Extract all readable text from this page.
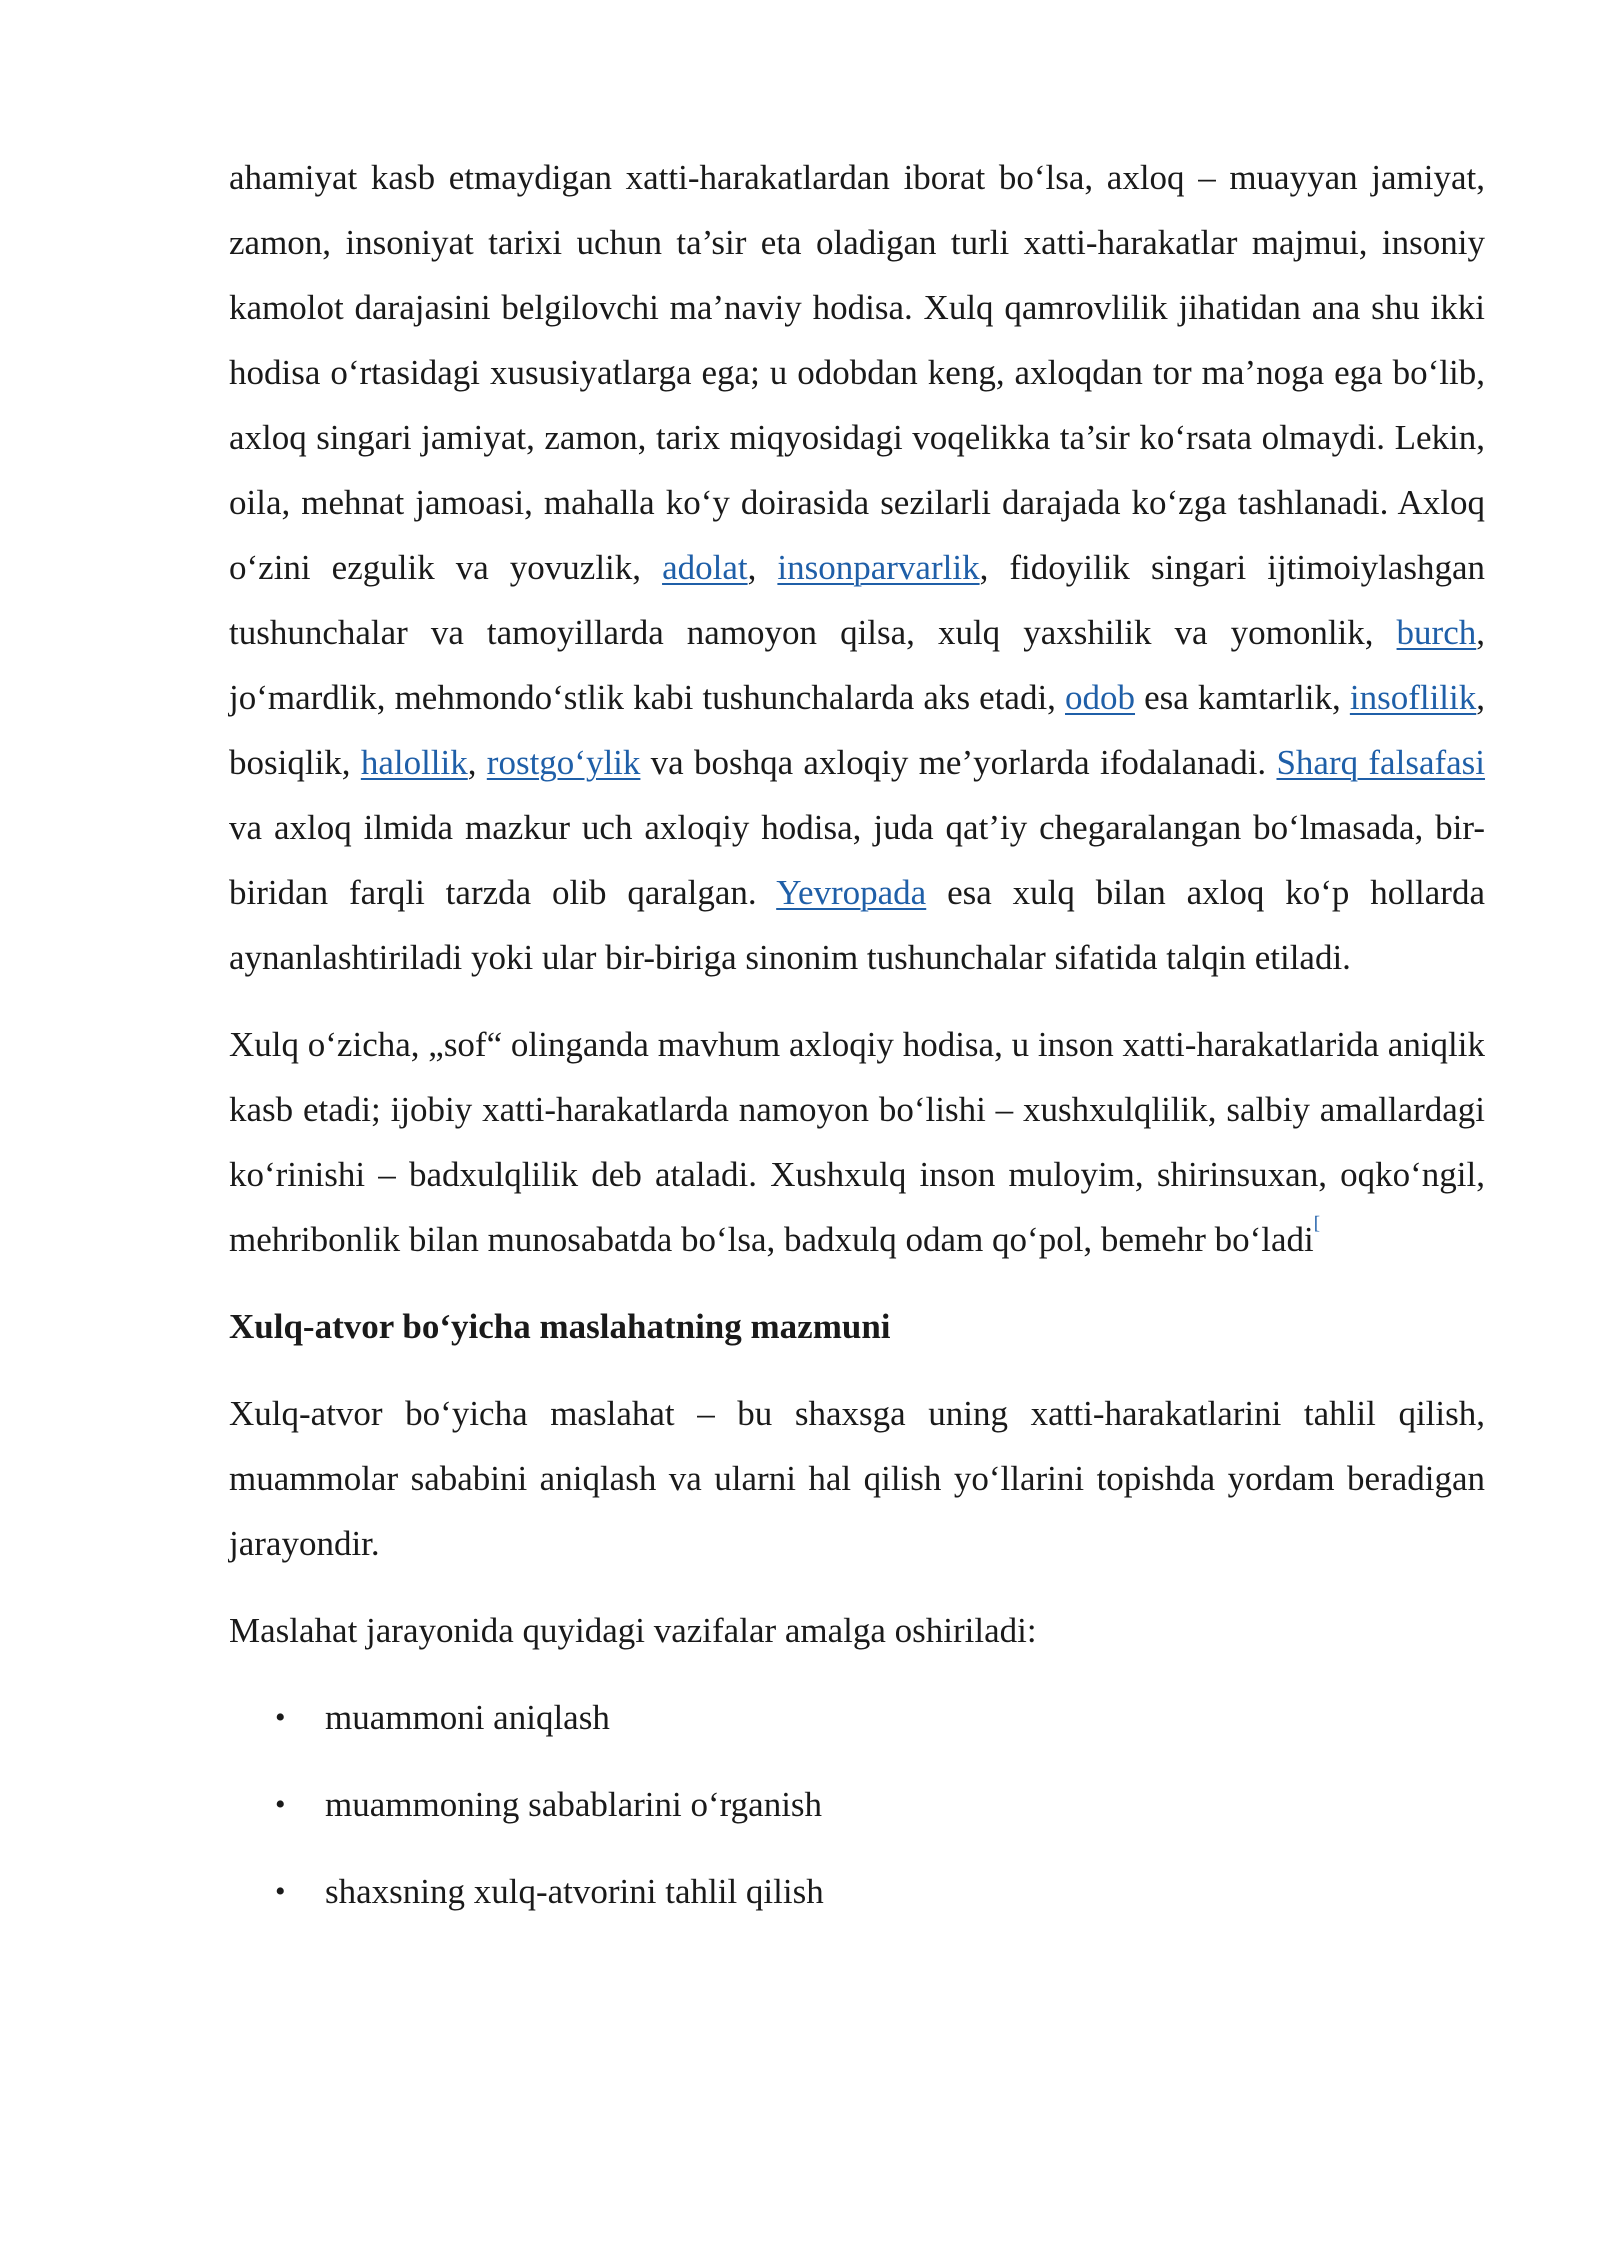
ahamiyat kasb etmaydigan xatti-harakatlardan iborat bo‘lsa, axloq – muayyan jamiyat, zamon, insoniyat tarixi uchun ta’sir eta oladigan turli xatti-harakatlar majmui, insoniy kamolot darajasini belgilovchi ma’naviy hodisa. Xulq qamrovlilik jihatidan ana shu ikki hodisa o‘rtasidagi xususiyatlarga ega; u odobdan keng, axloqdan tor ma’noga ega bo‘lib, axloq singari jamiyat, zamon, tarix miqyosidagi voqelikka ta’sir ko‘rsata olmaydi. Lekin, oila, mehnat jamoasi, mahalla ko‘y doirasida sezilarli darajada ko‘zga tashlanadi. Axloq o‘zini ezgulik va yovuzlik, adolat, insonparvarlik, fidoyilik singari ijtimoiylashgan tushunchalar va tamoyillarda namoyon qilsa, xulq yaxshilik va yomonlik, burch, jo‘mardlik, mehmondo‘stlik kabi tushunchalarda aks etadi, odob esa kamtarlik, insoflilik, bosiqlik, halollik, rostgo‘ylik va boshqa axloqiy me’yorlarda ifodalanadi. Sharq falsafasi va axloq ilmida mazkur uch axloqiy hodisa, juda qat’iy chegaralangan bo‘lmasada, bir-biridan farqli tarzda olib qaralgan. Yevropada esa xulq bilan axloq ko‘p hollarda aynanlashtiriladi yoki ular bir-biriga sinonim tushunchalar sifatida talqin etiladi.

Xulq o‘zicha, „sof“ olinganda mavhum axloqiy hodisa, u inson xatti-harakatlarida aniqlik kasb etadi; ijobiy xatti-harakatlarda namoyon bo‘lishi – xushxulqlilik, salbiy amallardagi ko‘rinishi – badxulqlilik deb ataladi. Xushxulq inson muloyim, shirinsuxan, oqko‘ngil, mehribonlik bilan munosabatda bo‘lsa, badxulq odam qo‘pol, bemehr bo‘ladi[

Xulq-atvor bo‘yicha maslahatning mazmuni

Xulq-atvor bo‘yicha maslahat – bu shaxsga uning xatti-harakatlarini tahlil qilish, muammolar sababini aniqlash va ularni hal qilish yo‘llarini topishda yordam beradigan jarayondir.

Maslahat jarayonida quyidagi vazifalar amalga oshiriladi:

• muammoni aniqlash
• muammoning sabablarini o‘rganish
• shaxsning xulq-atvorini tahlil qilish
